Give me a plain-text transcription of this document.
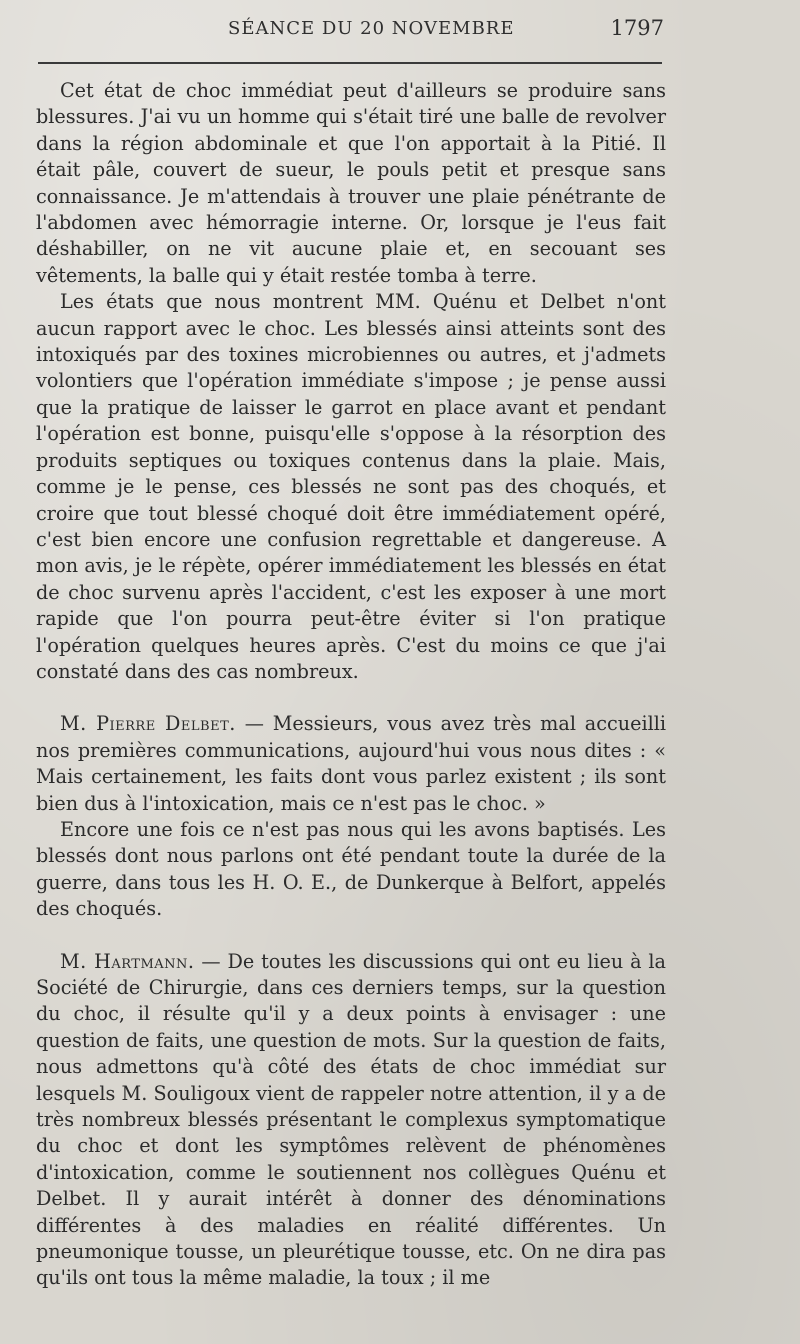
SÉANCE DU 20 NOVEMBRE	1797

Cet état de choc immédiat peut d'ailleurs se produire sans blessures. J'ai vu un homme qui s'était tiré une balle de revolver dans la région abdominale et que l'on apportait à la Pitié. Il était pâle, couvert de sueur, le pouls petit et presque sans connaissance. Je m'attendais à trouver une plaie pénétrante de l'abdomen avec hémorragie interne. Or, lorsque je l'eus fait déshabiller, on ne vit aucune plaie et, en secouant ses vêtements, la balle qui y était restée tomba à terre.

Les états que nous montrent MM. Quénu et Delbet n'ont aucun rapport avec le choc. Les blessés ainsi atteints sont des intoxiqués par des toxines microbiennes ou autres, et j'admets volontiers que l'opération immédiate s'impose ; je pense aussi que la pratique de laisser le garrot en place avant et pendant l'opération est bonne, puisqu'elle s'oppose à la résorption des produits septiques ou toxiques contenus dans la plaie. Mais, comme je le pense, ces blessés ne sont pas des choqués, et croire que tout blessé choqué doit être immédiatement opéré, c'est bien encore une confusion regrettable et dangereuse. A mon avis, je le répète, opérer immédiatement les blessés en état de choc survenu après l'accident, c'est les exposer à une mort rapide que l'on pourra peut-être éviter si l'on pratique l'opération quelques heures après. C'est du moins ce que j'ai constaté dans des cas nombreux.

M. Pierre Delbet. — Messieurs, vous avez très mal accueilli nos premières communications, aujourd'hui vous nous dites : « Mais certainement, les faits dont vous parlez existent ; ils sont bien dus à l'intoxication, mais ce n'est pas le choc. »

Encore une fois ce n'est pas nous qui les avons baptisés. Les blessés dont nous parlons ont été pendant toute la durée de la guerre, dans tous les H. O. E., de Dunkerque à Belfort, appelés des choqués.

M. Hartmann. — De toutes les discussions qui ont eu lieu à la Société de Chirurgie, dans ces derniers temps, sur la question du choc, il résulte qu'il y a deux points à envisager : une question de faits, une question de mots. Sur la question de faits, nous admettons qu'à côté des états de choc immédiat sur lesquels M. Souligoux vient de rappeler notre attention, il y a de très nombreux blessés présentant le complexus symptomatique du choc et dont les symptômes relèvent de phénomènes d'intoxication, comme le soutiennent nos collègues Quénu et Delbet. Il y aurait intérêt à donner des dénominations différentes à des maladies en réalité différentes. Un pneumonique tousse, un pleurétique tousse, etc. On ne dira pas qu'ils ont tous la même maladie, la toux ; il me
